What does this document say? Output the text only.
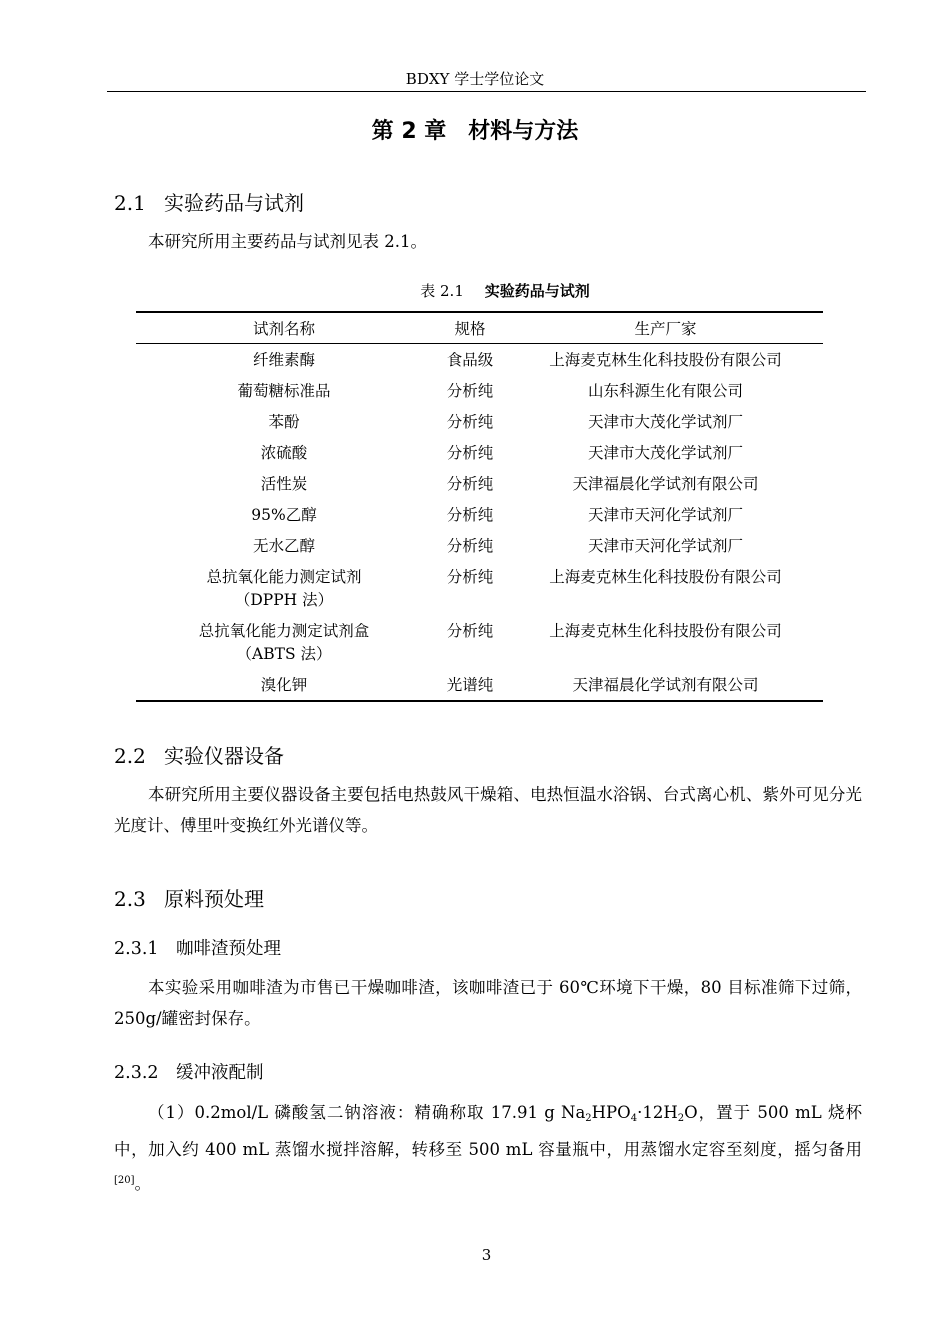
BDXY 学士学位论文
第 2 章　材料与方法
2.1 实验药品与试剂
本研究所用主要药品与试剂见表 2.1。
表 2.1 实验药品与试剂
试剂名称	规格	生产厂家

纤维素酶	食品级	上海麦克林生化科技股份有限公司

葡萄糖标准品	分析纯	山东科源生化有限公司

苯酚	分析纯	天津市大茂化学试剂厂

浓硫酸	分析纯	天津市大茂化学试剂厂

活性炭	分析纯	天津福晨化学试剂有限公司

95%乙醇	分析纯	天津市天河化学试剂厂

无水乙醇	分析纯	天津市天河化学试剂厂

总抗氧化能力测定试剂
（DPPH 法）	分析纯	上海麦克林生化科技股份有限公司

总抗氧化能力测定试剂盒
（ABTS 法）	分析纯	上海麦克林生化科技股份有限公司

溴化钾	光谱纯	天津福晨化学试剂有限公司
2.2 实验仪器设备
本研究所用主要仪器设备主要包括电热鼓风干燥箱、电热恒温水浴锅、台式离心机、紫外可见分光光度计、傅里叶变换红外光谱仪等。
2.3 原料预处理
2.3.1 咖啡渣预处理
本实验采用咖啡渣为市售已干燥咖啡渣，该咖啡渣已于 60℃环境下干燥，80 目标准筛下过筛，250g/罐密封保存。
2.3.2 缓冲液配制
（1）0.2mol/L 磷酸氢二钠溶液：精确称取 17.91 g $Na_2HPO_4\cdot 12H_2O$，置于 500 mL 烧杯中，加入约 400 mL 蒸馏水搅拌溶解，转移至 500 mL 容量瓶中，用蒸馏水定容至刻度，摇匀备用[20]。
3
